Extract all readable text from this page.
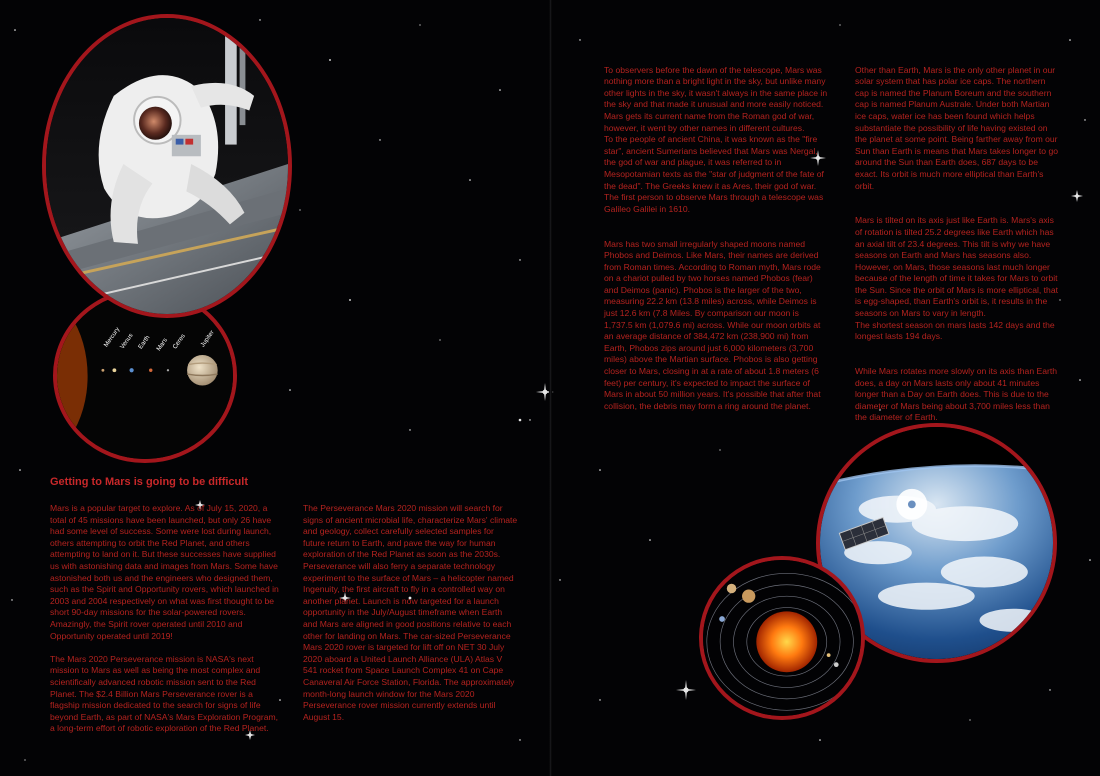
Mercury
Venus Earth Mars Ceres Jupiter
Getting to Mars is going to be difficult

Mars is a popular target to explore. As of July 15, 2020, a total of 45 missions have been launched, but only 26 have had some level of success. Some were lost during launch, others attempting to orbit the Red Planet, and others attempting to land on it. But these successes have supplied us with astonishing data and images from Mars. Some have astonished both us and the engineers who designed them, such as the Spirit and Opportunity rovers, which launched in 2003 and 2004 respectively on what was first thought to be short 90-day missions for the solar-powered rovers. Amazingly, the Spirit rover operated until 2010 and Opportunity operated until 2019!

The Mars 2020 Perseverance mission is NASA's next mission to Mars as well as being the most complex and scientifically advanced robotic mission sent to the Red Planet. The $2.4 Billion Mars Perseverance rover is a flagship mission dedicated to the search for signs of life beyond Earth, as part of NASA's Mars Exploration Program, a long-term effort of robotic exploration of the Red Planet.

The Perseverance Mars 2020 mission will search for signs of ancient microbial life, characterize Mars' climate and geology, collect carefully selected samples for future return to Earth, and pave the way for human exploration of the Red Planet as soon as the 2030s. Perseverance will also ferry a separate technology experiment to the surface of Mars – a helicopter named Ingenuity, the first aircraft to fly in a controlled way on another planet. Launch is now targeted for a launch opportunity in the July/August timeframe when Earth and Mars are aligned in good positions relative to each other for landing on Mars. The car-sized Perseverance Mars 2020 rover is targeted for lift off on NET 30 July 2020 aboard a United Launch Alliance (ULA) Atlas V 541 rocket from Space Launch Complex 41 on Cape Canaveral Air Force Station, Florida. The approximately month-long launch window for the Mars 2020 Perseverance rover mission currently extends until August 15.

To observers before the dawn of the telescope, Mars was nothing more than a bright light in the sky, but unlike many other lights in the sky, it wasn't always in the same place in the sky and that made it unusual and more easily noticed. Mars gets its current name from the Roman god of war, however, it went by other names in different cultures.
To the people of ancient China, it was known as the "fire star", ancient Sumerians believed that Mars was Nergal, the god of war and plague, it was referred to in Mesopotamian texts as the "star of judgment of the fate of the dead". The Greeks knew it as Ares, their god of war. The first person to observe Mars through a telescope was Galileo Galilei in 1610.

Mars has two small irregularly shaped moons named Phobos and Deimos. Like Mars, their names are derived from Roman times. According to Roman myth, Mars rode on a chariot pulled by two horses named Phobos (fear) and Deimos (panic). Phobos is the larger of the two, measuring 22.2 km (13.8 miles) across, while Deimos is just 12.6 km (7.8 Miles. By comparison our moon is 1,737.5 km (1,079.6 mi) across. While our moon orbits at an average distance of 384,472 km (238,900 mi) from Earth, Phobos zips around just 6,000 kilometers (3,700 miles) above the Martian surface. Phobos is also getting closer to Mars, closing in at a rate of about 1.8 meters (6 feet) per century, it's expected to impact the surface of Mars in about 50 million years. It's possible that after that collision, the debris may form a ring around the planet.

Other than Earth, Mars is the only other planet in our solar system that has polar ice caps. The northern cap is named the Planum Boreum and the southern cap is named Planum Australe. Under both Martian ice caps, water ice has been found which helps substantiate the possibility of life having existed on the planet at some point. Being farther away from our Sun than Earth is means that Mars takes longer to go around the Sun than Earth does, 687 days to be exact. Its orbit is much more elliptical than Earth's orbit.

Mars is tilted on its axis just like Earth is. Mars's axis of rotation is tilted 25.2 degrees like Earth which has an axial tilt of 23.4 degrees. This tilt is why we have seasons on Earth and Mars has seasons also. However, on Mars, those seasons last much longer because of the length of time it takes for Mars to orbit the Sun. Since the orbit of Mars is more elliptical, that is egg-shaped, than Earth's orbit is, it results in the seasons on Mars to vary in length.
The shortest season on mars lasts 142 days and the longest lasts 194 days.

While Mars rotates more slowly on its axis than Earth does, a day on Mars lasts only about 41 minutes longer than a Day on Earth does. This is due to the diameter of Mars being about 3,700 miles less than the diameter of Earth.
